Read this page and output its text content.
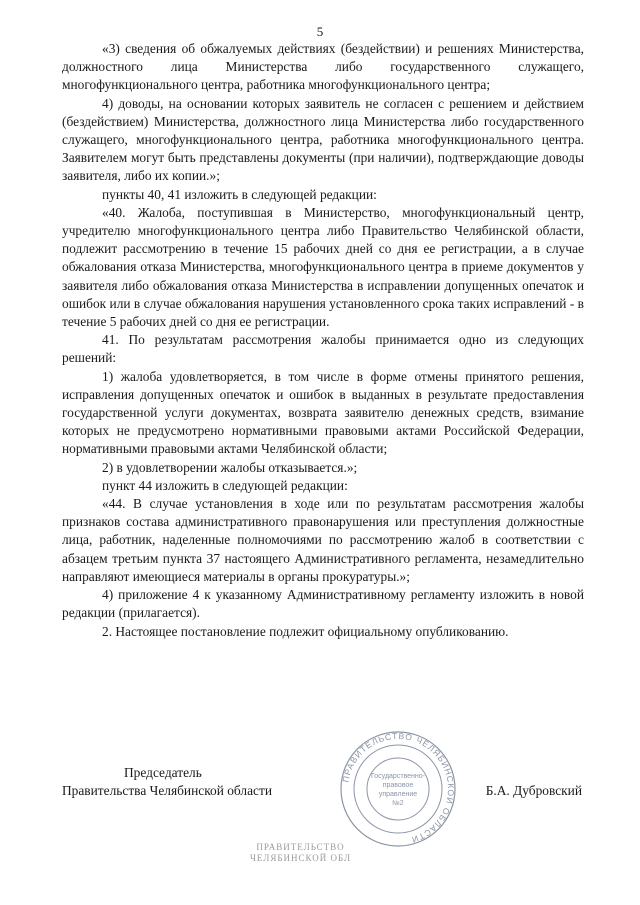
5

«3) сведения об обжалуемых действиях (бездействии) и решениях Министерства, должностного лица Министерства либо государственного служащего, многофункционального центра, работника многофункционального центра;

4) доводы, на основании которых заявитель не согласен с решением и действием (бездействием) Министерства, должностного лица Министерства либо государственного служащего, многофункционального центра, работника многофункционального центра. Заявителем могут быть представлены документы (при наличии), подтверждающие доводы заявителя, либо их копии.»;

пункты 40, 41 изложить в следующей редакции:

«40. Жалоба, поступившая в Министерство, многофункциональный центр, учредителю многофункционального центра либо Правительство Челябинской области, подлежит рассмотрению в течение 15 рабочих дней со дня ее регистрации, а в случае обжалования отказа Министерства, многофункционального центра в приеме документов у заявителя либо обжалования отказа Министерства в исправлении допущенных опечаток и ошибок или в случае обжалования нарушения установленного срока таких исправлений - в течение 5 рабочих дней со дня ее регистрации.

41. По результатам рассмотрения жалобы принимается одно из следующих решений:

1) жалоба удовлетворяется, в том числе в форме отмены принятого решения, исправления допущенных опечаток и ошибок в выданных в результате предоставления государственной услуги документах, возврата заявителю денежных средств, взимание которых не предусмотрено нормативными правовыми актами Российской Федерации, нормативными правовыми актами Челябинской области;

2) в удовлетворении жалобы отказывается.»;

пункт 44 изложить в следующей редакции:

«44. В случае установления в ходе или по результатам рассмотрения жалобы признаков состава административного правонарушения или преступления должностные лица, работник, наделенные полномочиями по рассмотрению жалоб в соответствии с абзацем третьим пункта 37 настоящего Административного регламента, незамедлительно направляют имеющиеся материалы в органы прокуратуры.»;

4) приложение 4 к указанному Административному регламенту изложить в новой редакции (прилагается).

2. Настоящее постановление подлежит официальному опубликованию.

ПРАВИТЕЛЬСТВО ЧЕЛЯБИНСКОЙ ОБЛАСТИ
Государственно-
правовое
управление
№2
Председатель
Правительства Челябинской области	Б.А. Дубровский
ПРАВИТЕЛЬСТВО
ЧЕЛЯБИНСКОЙ ОБЛ
